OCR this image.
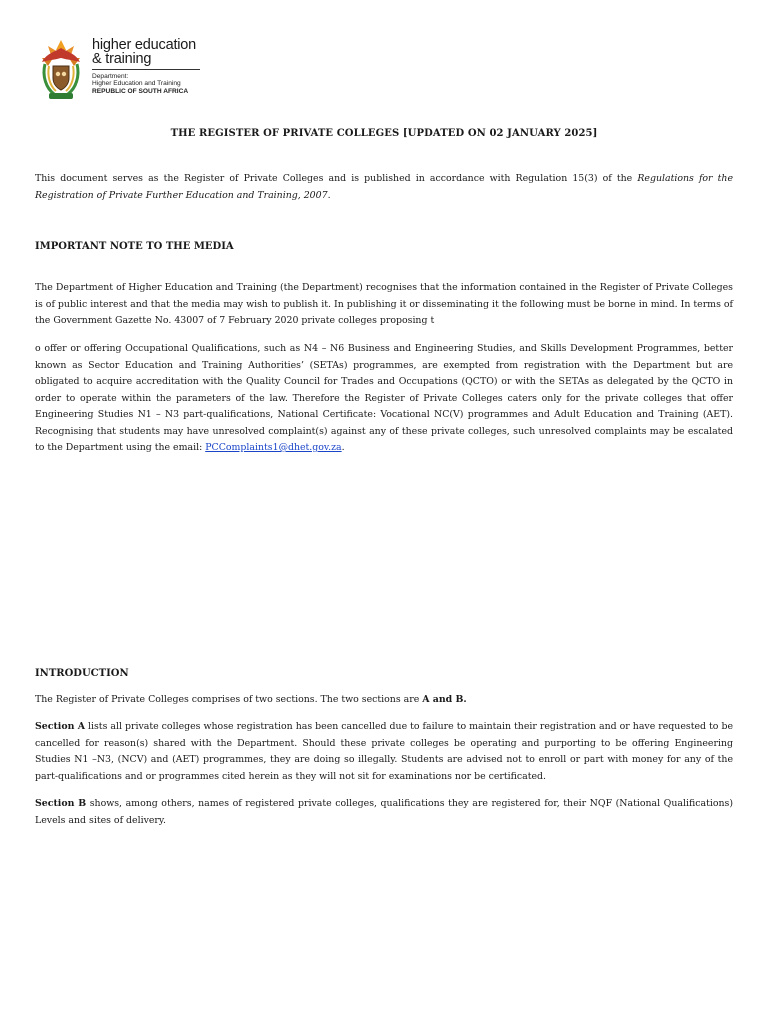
higher education
& training
Department:
Higher Education and Training
REPUBLIC OF SOUTH AFRICA
THE REGISTER OF PRIVATE COLLEGES [UPDATED ON 02 JANUARY 2025]

This document serves as the Register of Private Colleges and is published in accordance with Regulation 15(3) of the Regulations for the Registration of Private Further Education and Training, 2007.

IMPORTANT NOTE TO THE MEDIA

The Department of Higher Education and Training (the Department) recognises that the information contained in the Register of Private Colleges is of public interest and that the media may wish to publish it. In publishing it or disseminating it the following must be borne in mind. In terms of the Government Gazette No. 43007 of 7 February 2020 private colleges proposing t

o offer or offering Occupational Qualifications, such as N4 – N6 Business and Engineering Studies, and Skills Development Programmes, better known as Sector Education and Training Authorities’ (SETAs) programmes, are exempted from registration with the Department but are obligated to acquire accreditation with the Quality Council for Trades and Occupations (QCTO) or with the SETAs as delegated by the QCTO in order to operate within the parameters of the law. Therefore the Register of Private Colleges caters only for the private colleges that offer Engineering Studies N1 – N3 part-qualifications, National Certificate: Vocational NC(V) programmes and Adult Education and Training (AET). Recognising that students may have unresolved complaint(s) against any of these private colleges, such unresolved complaints may be escalated to the Department using the email: PCComplaints1@dhet.gov.za.

INTRODUCTION

The Register of Private Colleges comprises of two sections. The two sections are A and B.

Section A lists all private colleges whose registration has been cancelled due to failure to maintain their registration and or have requested to be cancelled for reason(s) shared with the Department. Should these private colleges be operating and purporting to be offering Engineering Studies N1 –N3, (NCV) and (AET) programmes, they are doing so illegally. Students are advised not to enroll or part with money for any of the part-qualifications and or programmes cited herein as they will not sit for examinations nor be certificated.

Section B shows, among others, names of registered private colleges, qualifications they are registered for, their NQF (National Qualifications) Levels and sites of delivery.
